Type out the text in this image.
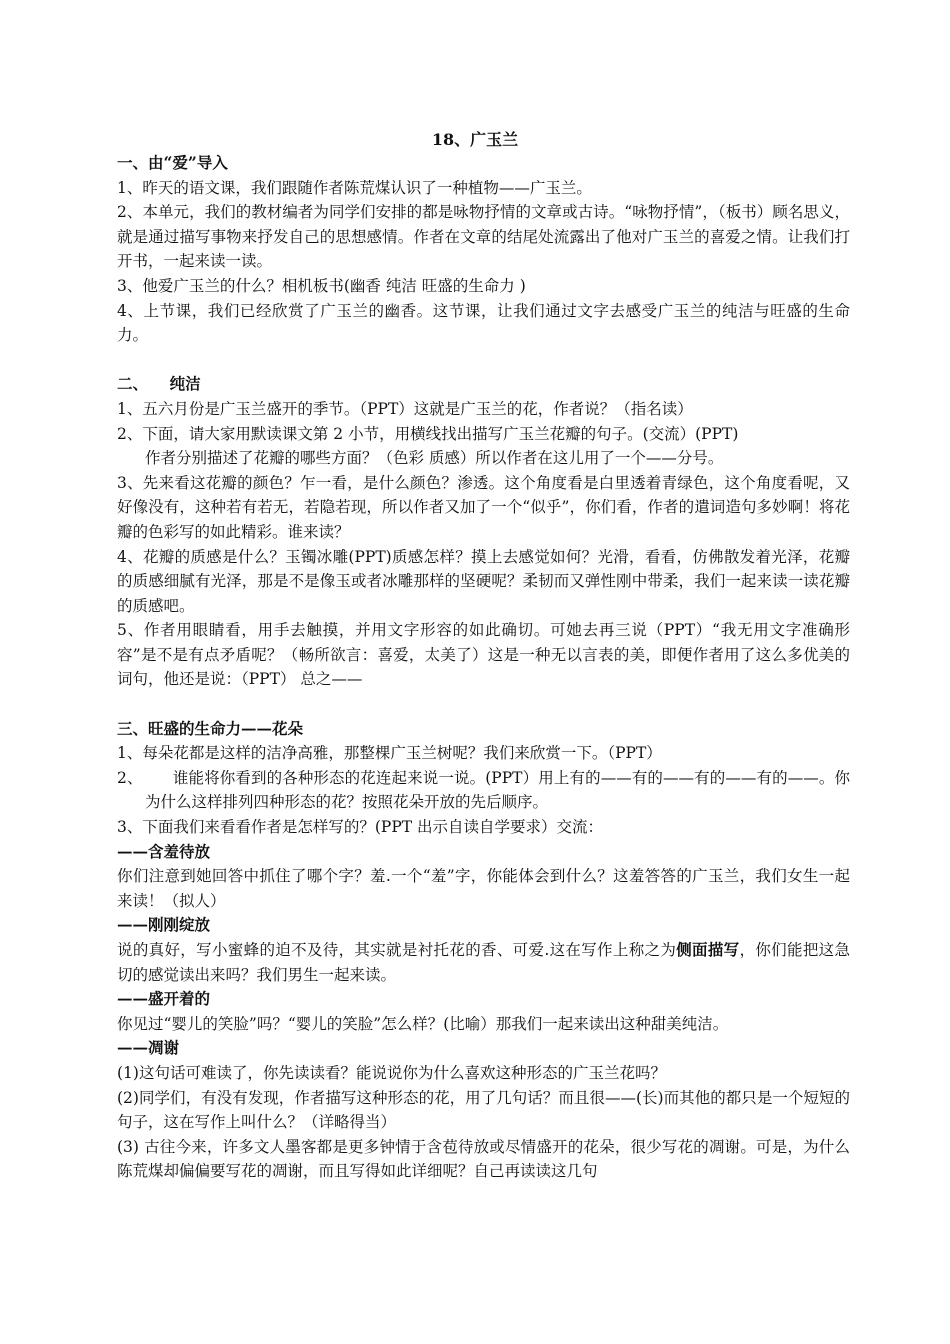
18、广玉兰

一、由“爱”导入

1、昨天的语文课，我们跟随作者陈荒煤认识了一种植物——广玉兰。

2、本单元，我们的教材编者为同学们安排的都是咏物抒情的文章或古诗。“咏物抒情”，（板书）顾名思义，就是通过描写事物来抒发自己的思想感情。作者在文章的结尾处流露出了他对广玉兰的喜爱之情。让我们打开书，一起来读一读。

3、他爱广玉兰的什么？相机板书(幽香 纯洁 旺盛的生命力 )

4、上节课，我们已经欣赏了广玉兰的幽香。这节课，让我们通过文字去感受广玉兰的纯洁与旺盛的生命力。

二、    纯洁

1、五六月份是广玉兰盛开的季节。（PPT）这就是广玉兰的花，作者说？（指名读）

2、下面，请大家用默读课文第 2 小节，用横线找出描写广玉兰花瓣的句子。(交流）(PPT)

作者分别描述了花瓣的哪些方面？（色彩 质感）所以作者在这儿用了一个——分号。

3、先来看这花瓣的颜色？乍一看，是什么颜色？渗透。这个角度看是白里透着青绿色，这个角度看呢，又好像没有，这种若有若无，若隐若现，所以作者又加了一个“似乎”，你们看，作者的遣词造句多妙啊！将花瓣的色彩写的如此精彩。谁来读？

4、花瓣的质感是什么？玉镯冰雕(PPT)质感怎样？摸上去感觉如何？光滑，看看，仿佛散发着光泽，花瓣的质感细腻有光泽，那是不是像玉或者冰雕那样的坚硬呢？柔韧而又弹性刚中带柔，我们一起来读一读花瓣的质感吧。

5、作者用眼睛看，用手去触摸，并用文字形容的如此确切。可她去再三说（PPT）“我无用文字准确形容”是不是有点矛盾呢？（畅所欲言：喜爱，太美了）这是一种无以言表的美，即便作者用了这么多优美的词句，他还是说：（PPT） 总之——

三、旺盛的生命力——花朵

1、每朵花都是这样的洁净高雅，那整棵广玉兰树呢？我们来欣赏一下。（PPT）

2、      谁能将你看到的各种形态的花连起来说一说。(PPT）用上有的——有的——有的——有的——。你为什么这样排列四种形态的花？按照花朵开放的先后顺序。

3、下面我们来看看作者是怎样写的？(PPT 出示自读自学要求）交流：

——含羞待放

你们注意到她回答中抓住了哪个字？羞.一个“羞”字，你能体会到什么？这羞答答的广玉兰，我们女生一起来读！（拟人）

——刚刚绽放

说的真好，写小蜜蜂的迫不及待，其实就是衬托花的香、可爱.这在写作上称之为侧面描写，你们能把这急切的感觉读出来吗？我们男生一起来读。

——盛开着的

你见过“婴儿的笑脸”吗？“婴儿的笑脸”怎么样？(比喻）那我们一起来读出这种甜美纯洁。

——凋谢

(1)这句话可难读了，你先读读看？能说说你为什么喜欢这种形态的广玉兰花吗？

(2)同学们，有没有发现，作者描写这种形态的花，用了几句话？而且很——(长)而其他的都只是一个短短的句子，这在写作上叫什么？（详略得当）

(3) 古往今来，许多文人墨客都是更多钟情于含苞待放或尽情盛开的花朵，很少写花的凋谢。可是，为什么陈荒煤却偏偏要写花的凋谢，而且写得如此详细呢？自己再读读这几句
